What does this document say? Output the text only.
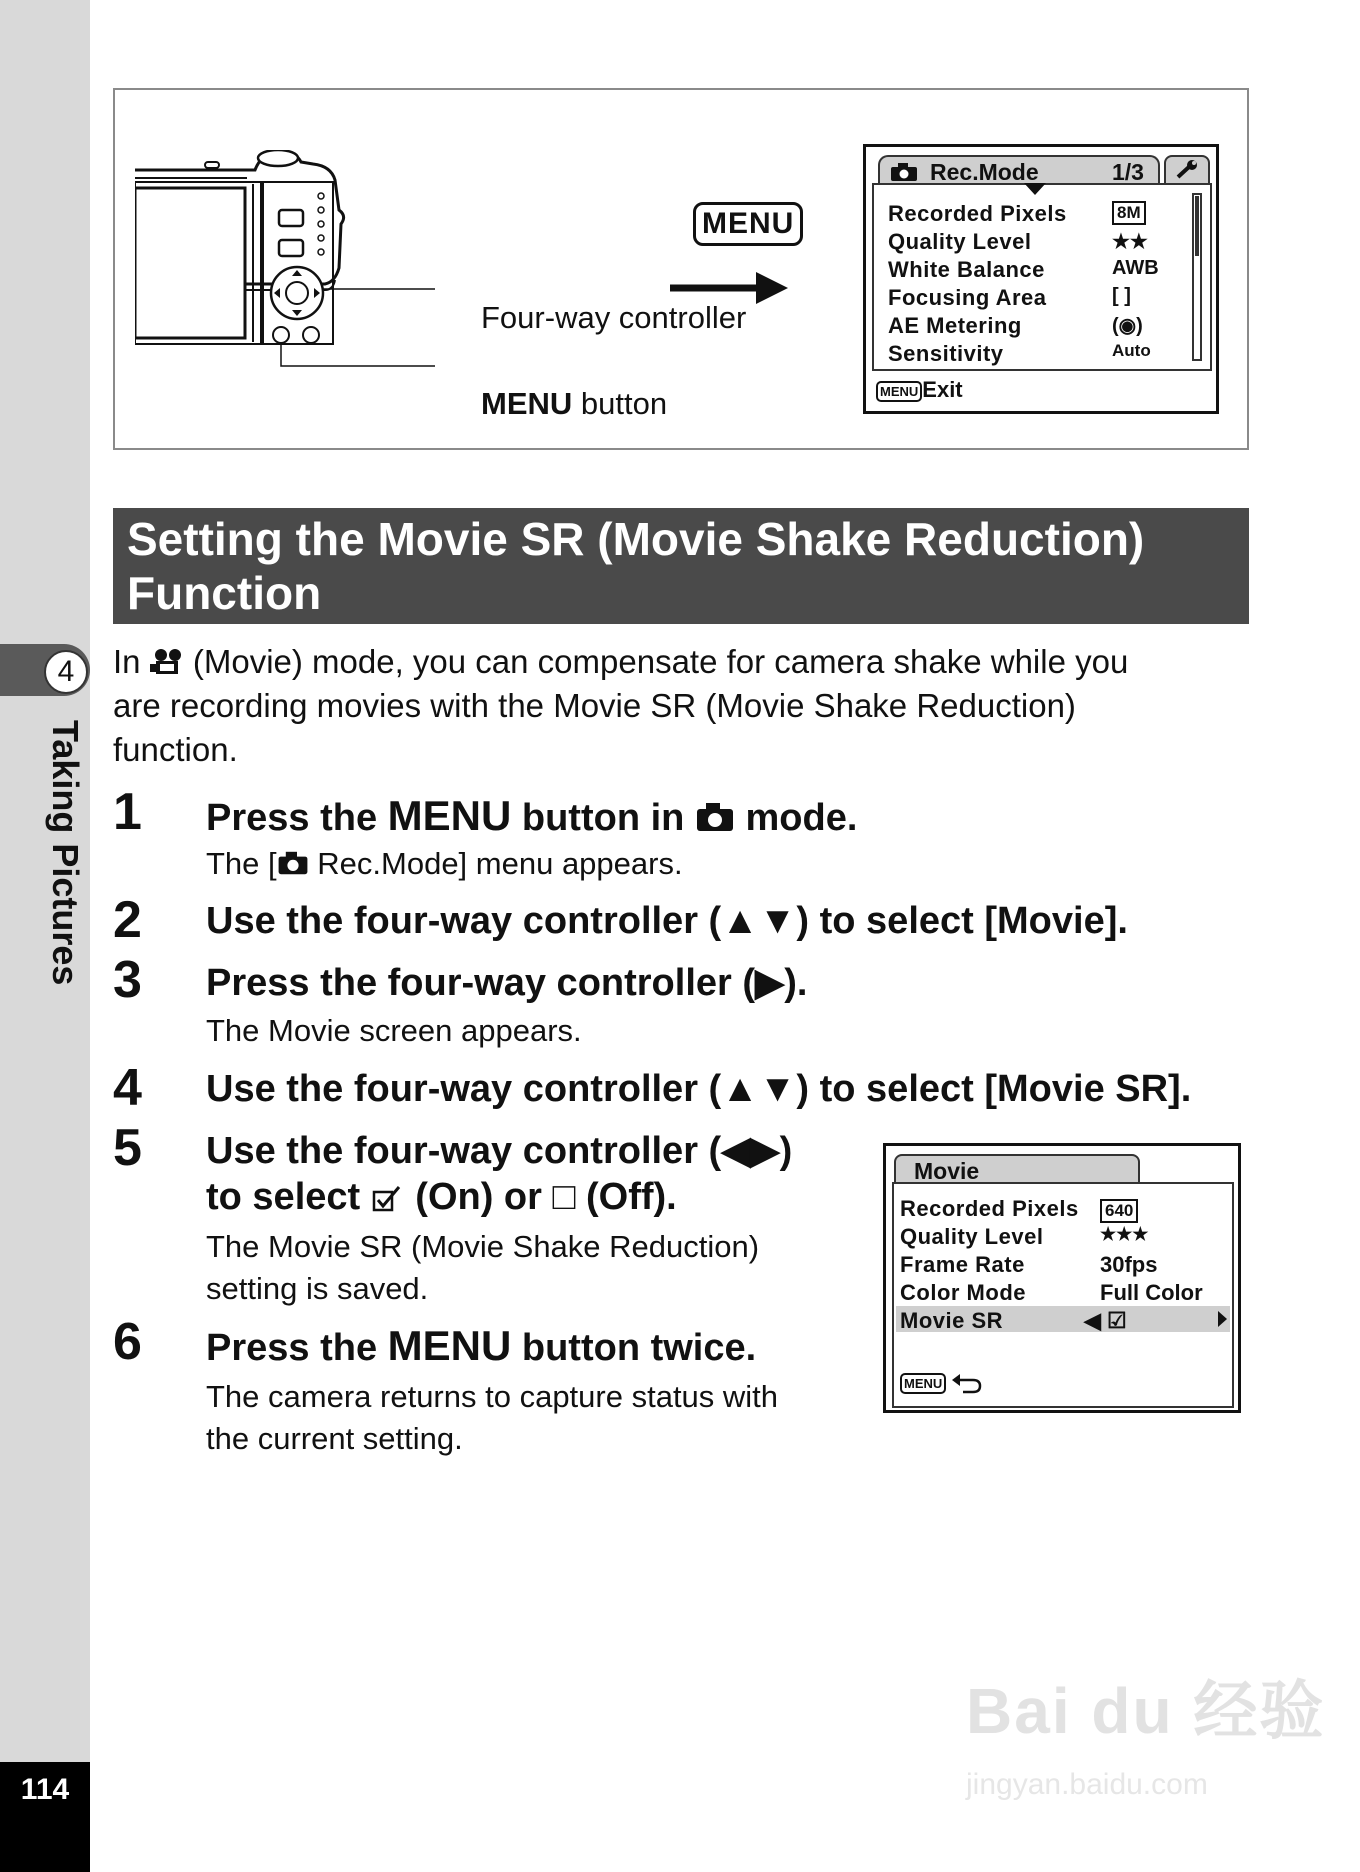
4
Taking Pictures
114
Four-way controller
MENU button
MENU
Rec.Mode	1/3
Recorded Pixels
Quality Level
White Balance
Focusing Area
AE Metering
Sensitivity
8M
★★
AWB
[ ]
(◉)
Auto
MENU Exit
Setting the Movie SR (Movie Shake Reduction)
Function
In  (Movie) mode, you can compensate for camera shake while you
are recording movies with the Movie SR (Movie Shake Reduction)
function.
1 Press the MENU button in  mode.
The [ Rec.Mode] menu appears.
2 Use the four-way controller (▲▼) to select [Movie].
3 Press the four-way controller (▶).
The Movie screen appears.
4 Use the four-way controller (▲▼) to select [Movie SR].
5 Use the four-way controller (◀▶)
to select  (On) or □ (Off).
The Movie SR (Movie Shake Reduction)
setting is saved.
6 Press the MENU button twice.
The camera returns to capture status with
the current setting.
Movie
Recorded Pixels
Quality Level
Frame Rate
Color Mode
Movie SR
640
★★★
30fps
Full Color
◀ ☑
MENU
Bai du 经验
jingyan.baidu.com
